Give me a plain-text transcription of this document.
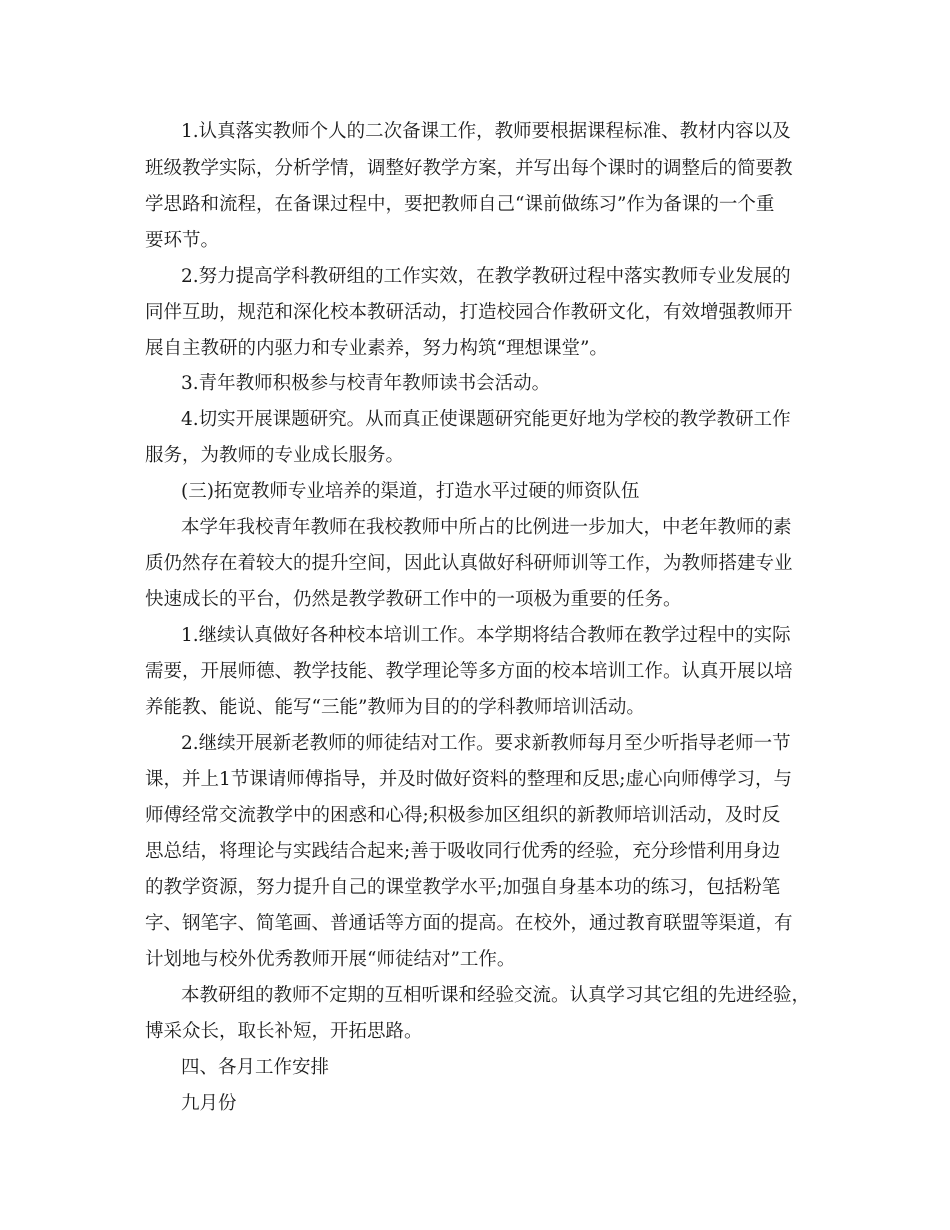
1.认真落实教师个人的二次备课工作，教师要根据课程标准、教材内容以及
班级教学实际，分析学情，调整好教学方案，并写出每个课时的调整后的简要教
学思路和流程，在备课过程中，要把教师自己“课前做练习”作为备课的一个重
要环节。
2.努力提高学科教研组的工作实效，在教学教研过程中落实教师专业发展的
同伴互助，规范和深化校本教研活动，打造校园合作教研文化，有效增强教师开
展自主教研的内驱力和专业素养，努力构筑“理想课堂”。
3.青年教师积极参与校青年教师读书会活动。
4.切实开展课题研究。从而真正使课题研究能更好地为学校的教学教研工作
服务，为教师的专业成长服务。
(三)拓宽教师专业培养的渠道，打造水平过硬的师资队伍
本学年我校青年教师在我校教师中所占的比例进一步加大，中老年教师的素
质仍然存在着较大的提升空间，因此认真做好科研师训等工作，为教师搭建专业
快速成长的平台，仍然是教学教研工作中的一项极为重要的任务。
1.继续认真做好各种校本培训工作。本学期将结合教师在教学过程中的实际
需要，开展师德、教学技能、教学理论等多方面的校本培训工作。认真开展以培
养能教、能说、能写“三能”教师为目的的学科教师培训活动。
2.继续开展新老教师的师徒结对工作。要求新教师每月至少听指导老师一节
课，并上1节课请师傅指导，并及时做好资料的整理和反思;虚心向师傅学习，与
师傅经常交流教学中的困惑和心得;积极参加区组织的新教师培训活动，及时反
思总结，将理论与实践结合起来;善于吸收同行优秀的经验，充分珍惜利用身边
的教学资源，努力提升自己的课堂教学水平;加强自身基本功的练习，包括粉笔
字、钢笔字、简笔画、普通话等方面的提高。在校外，通过教育联盟等渠道，有
计划地与校外优秀教师开展“师徒结对”工作。
本教研组的教师不定期的互相听课和经验交流。认真学习其它组的先进经验，
博采众长，取长补短，开拓思路。
四、各月工作安排
九月份
